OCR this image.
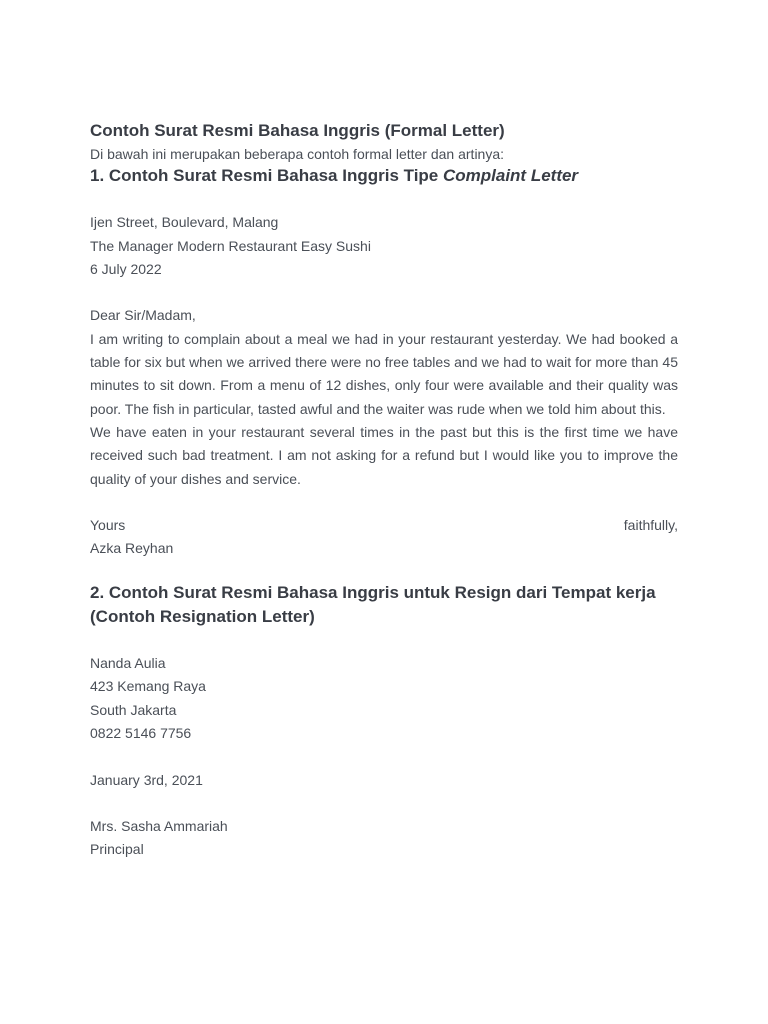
Contoh Surat Resmi Bahasa Inggris (Formal Letter)

Di bawah ini merupakan beberapa contoh formal letter dan artinya:

1. Contoh Surat Resmi Bahasa Inggris Tipe Complaint Letter

Ijen Street, Boulevard, Malang

The Manager Modern Restaurant Easy Sushi

6 July 2022

Dear Sir/Madam,

I am writing to complain about a meal we had in your restaurant yesterday. We had booked a table for six but when we arrived there were no free tables and we had to wait for more than 45 minutes to sit down. From a menu of 12 dishes, only four were available and their quality was poor. The fish in particular, tasted awful and the waiter was rude when we told him about this.

We have eaten in your restaurant several times in the past but this is the first time we have received such bad treatment. I am not asking for a refund but I would like you to improve the quality of your dishes and service.

Yours	faithfully,

Azka Reyhan

2. Contoh Surat Resmi Bahasa Inggris untuk Resign dari Tempat kerja (Contoh Resignation Letter)

Nanda Aulia

423 Kemang Raya

South Jakarta

0822 5146 7756

January 3rd, 2021

Mrs. Sasha Ammariah

Principal
